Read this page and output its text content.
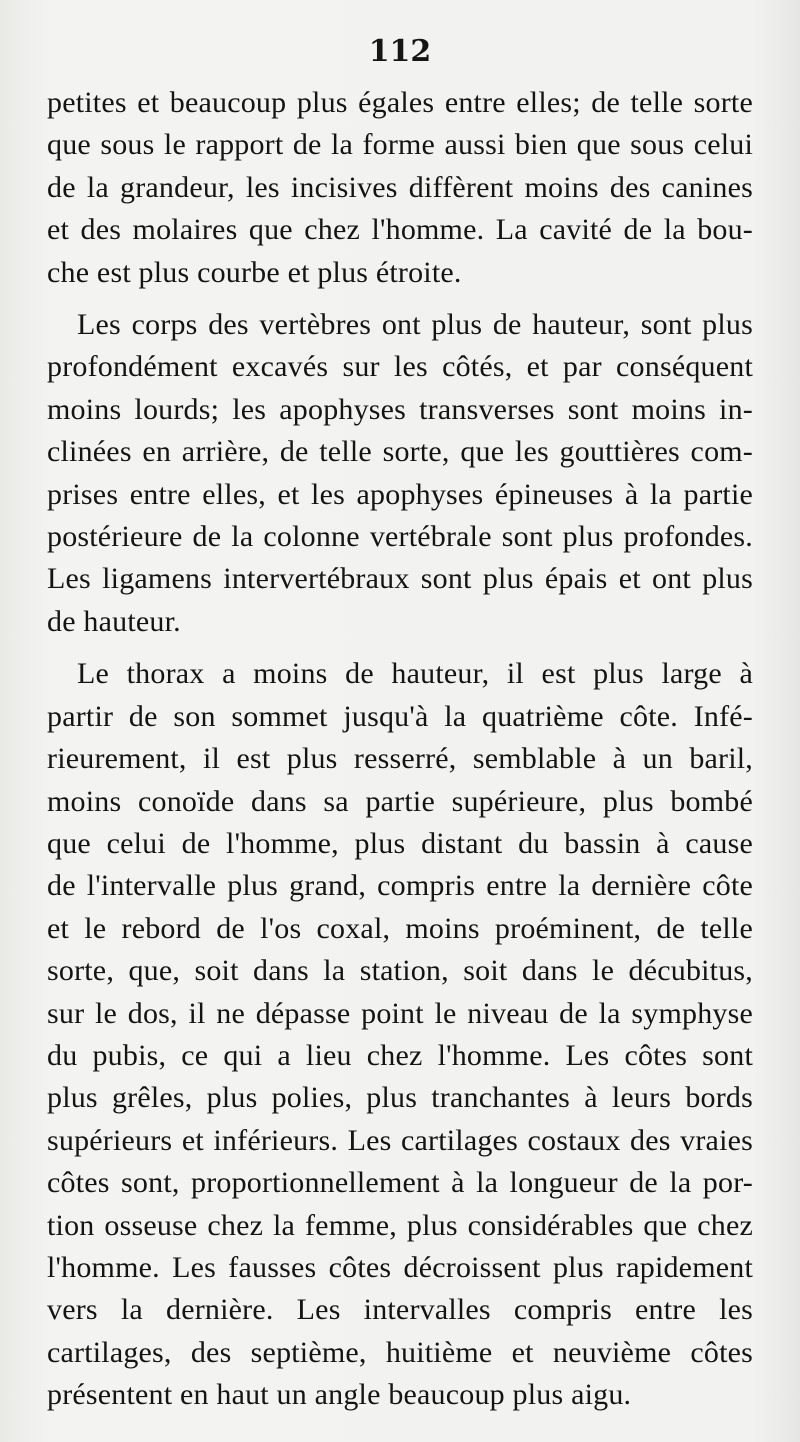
112
petites et beaucoup plus égales entre elles; de telle sorte
que sous le rapport de la forme aussi bien que sous celui
de la grandeur, les incisives diffèrent moins des canines
et des molaires que chez l'homme. La cavité de la bou-
che est plus courbe et plus étroite.
Les corps des vertèbres ont plus de hauteur, sont plus
profondément excavés sur les côtés, et par conséquent
moins lourds; les apophyses transverses sont moins in-
clinées en arrière, de telle sorte, que les gouttières com-
prises entre elles, et les apophyses épineuses à la partie
postérieure de la colonne vertébrale sont plus profondes.
Les ligamens intervertébraux sont plus épais et ont plus
de hauteur.
Le thorax a moins de hauteur, il est plus large à
partir de son sommet jusqu'à la quatrième côte. Infé-
rieurement, il est plus resserré, semblable à un baril,
moins conoïde dans sa partie supérieure, plus bombé
que celui de l'homme, plus distant du bassin à cause
de l'intervalle plus grand, compris entre la dernière côte
et le rebord de l'os coxal, moins proéminent, de telle
sorte, que, soit dans la station, soit dans le décubitus,
sur le dos, il ne dépasse point le niveau de la symphyse
du pubis, ce qui a lieu chez l'homme. Les côtes sont
plus grêles, plus polies, plus tranchantes à leurs bords
supérieurs et inférieurs. Les cartilages costaux des vraies
côtes sont, proportionnellement à la longueur de la por-
tion osseuse chez la femme, plus considérables que chez
l'homme. Les fausses côtes décroissent plus rapidement
vers la dernière. Les intervalles compris entre les
cartilages, des septième, huitième et neuvième côtes
présentent en haut un angle beaucoup plus aigu.
